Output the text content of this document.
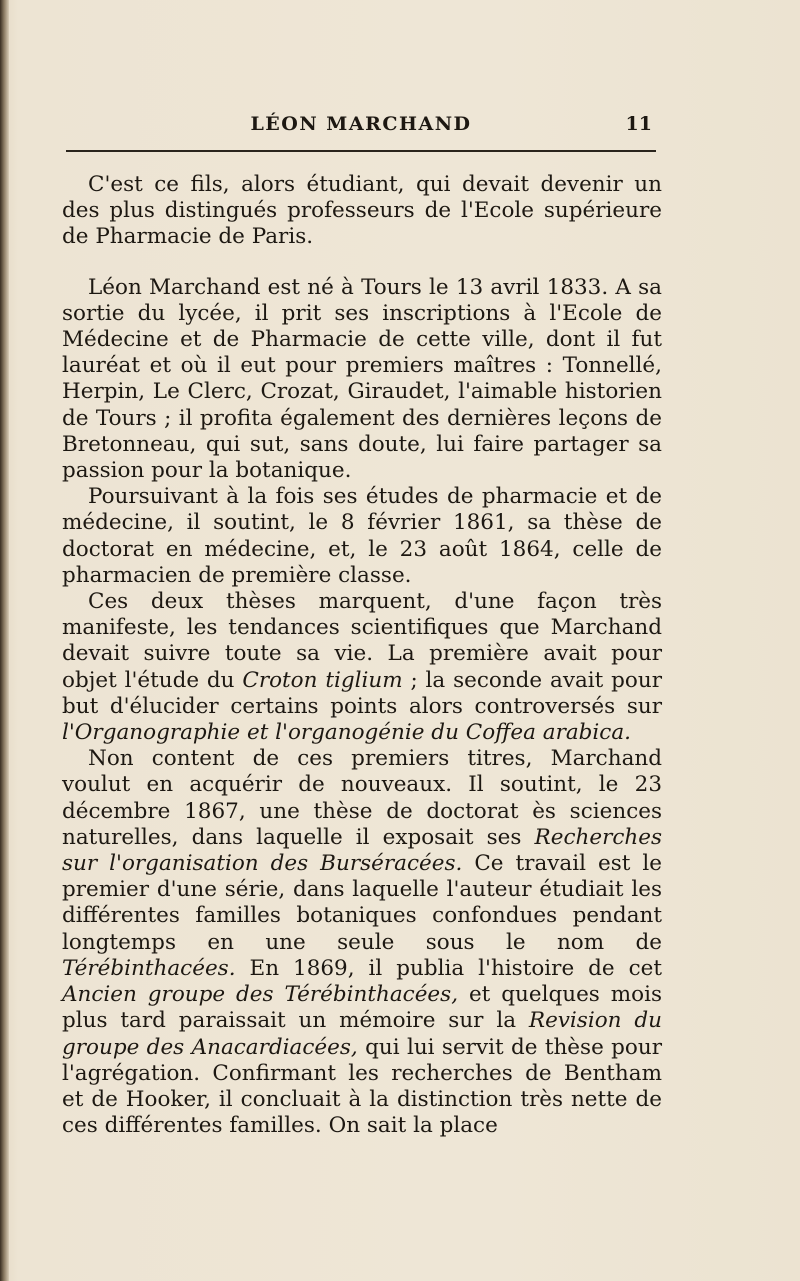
LÉON MARCHAND	11

C'est ce fils, alors étudiant, qui devait devenir un des plus distingués professeurs de l'Ecole supérieure de Pharmacie de Paris.

Léon Marchand est né à Tours le 13 avril 1833. A sa sortie du lycée, il prit ses inscriptions à l'Ecole de Médecine et de Pharmacie de cette ville, dont il fut lauréat et où il eut pour premiers maîtres : Tonnellé, Herpin, Le Clerc, Crozat, Giraudet, l'aimable historien de Tours ; il profita également des dernières leçons de Bretonneau, qui sut, sans doute, lui faire partager sa passion pour la botanique.

Poursuivant à la fois ses études de pharmacie et de médecine, il soutint, le 8 février 1861, sa thèse de doctorat en médecine, et, le 23 août 1864, celle de pharmacien de première classe.

Ces deux thèses marquent, d'une façon très manifeste, les tendances scientifiques que Marchand devait suivre toute sa vie. La première avait pour objet l'étude du Croton tiglium ; la seconde avait pour but d'élucider certains points alors controversés sur l'Organographie et l'organogénie du Coffea arabica.

Non content de ces premiers titres, Marchand voulut en acquérir de nouveaux. Il soutint, le 23 décembre 1867, une thèse de doctorat ès sciences naturelles, dans laquelle il exposait ses Recherches sur l'organisation des Burséracées. Ce travail est le premier d'une série, dans laquelle l'auteur étudiait les différentes familles botaniques confondues pendant longtemps en une seule sous le nom de Térébinthacées. En 1869, il publia l'histoire de cet Ancien groupe des Térébinthacées, et quelques mois plus tard paraissait un mémoire sur la Revision du groupe des Anacardiacées, qui lui servit de thèse pour l'agrégation. Confirmant les recherches de Bentham et de Hooker, il concluait à la distinction très nette de ces différentes familles. On sait la place
